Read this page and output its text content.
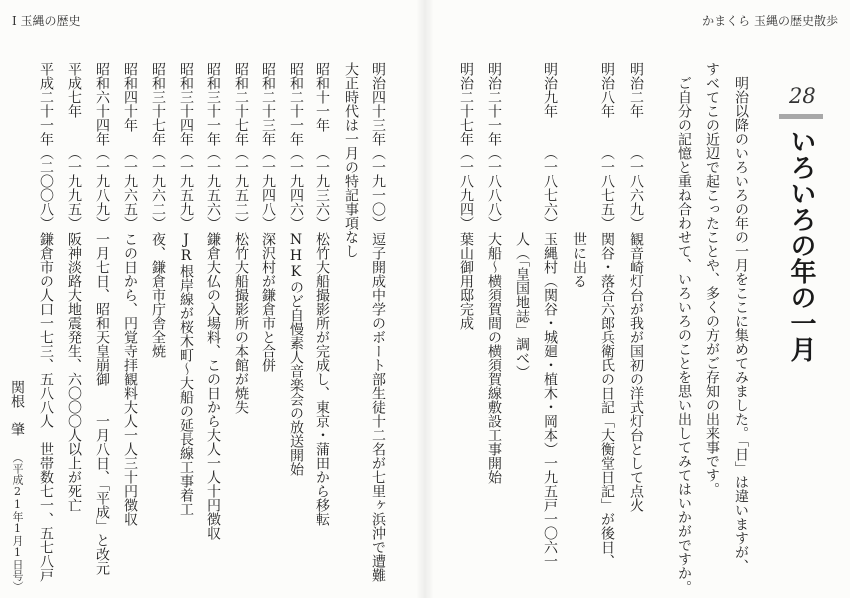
かまくら 玉縄の歴史散歩
28
いろいろの年の一月
明治以降のいろいろの年の一月をここに集めてみました。「日」は違いますが、
すべてこの近辺で起こったことや、多くの方がご存知の出来事です。
ご自分の記憶と重ね合わせて、いろいろのことを思い出してみてはいかがですか。
明治二年
（一八六九）
観音崎灯台が我が国初の洋式灯台として点火
明治八年
（一八七五）
関谷・落合六郎兵衛氏の日記「大衡堂日記」が後日、
世に出る
明治九年
（一八七六）
玉縄村（関谷・城廻・植木・岡本）一九五戸一〇六一
人（「皇国地誌」調べ）
明治二十一年
（一八八八）
大船～横須賀間の横須賀線敷設工事開始
明治二十七年
（一八九四）
葉山御用邸完成
Ⅰ 玉縄の歴史
明治四十三年
（一九一〇）
逗子開成中学のボート部生徒十二名が七里ヶ浜沖で遭難
大正時代は一月の特記事項なし
昭和十一年
（一九三六）
松竹大船撮影所が完成し、東京・蒲田から移転
昭和二十一年
（一九四六）
NHKのど自慢素人音楽会の放送開始
昭和二十三年
（一九四八）
深沢村が鎌倉市と合併
昭和二十七年
（一九五二）
松竹大船撮影所の本館が焼失
昭和三十一年
（一九五六）
鎌倉大仏の入場料、この日から大人一人十円徴収
昭和三十四年
（一九五九）
JR根岸線が桜木町～大船の延長線工事着工
昭和三十七年
（一九六二）
夜、鎌倉市庁舎全焼
昭和四十年
（一九六五）
この日から、円覚寺拝観料大人一人三十円徴収
昭和六十四年
（一九八九）
一月七日、昭和天皇崩御　　一月八日、「平成」と改元
平成七年
（一九九五）
阪神淡路大地震発生、六〇〇〇人以上が死亡
平成二十一年
（二〇〇八）
鎌倉市の人口一七三、五八八人　世帯数七一、五七八戸
関根　肇
（平成21年1月1日号）
